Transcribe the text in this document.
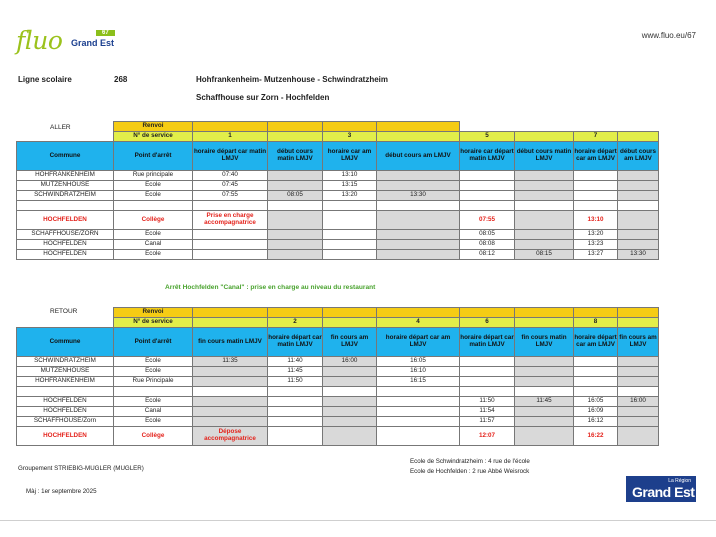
fluo Grand Est
67	www.fluo.eu/67
Ligne scolaire	268	Hohfrankenheim- Mutzenhouse - Schwindratzheim
Schaffhouse sur Zorn - Hochfelden
ALLER
		Renvoi								
	N° de service	1		3		5		7	
Commune	Point d'arrêt	horaire départ car matin LMJV	début cours matin LMJV	horaire car am LMJV	début cours am LMJV	horaire car départ matin LMJV	début cours matin LMJV	horaire départ car am LMJV	début cours am LMJV
HOHFRANKENHEIM	Rue principale	07:40		13:10					
MUTZENHOUSE	Ecole	07:45		13:15					
SCHWINDRATZHEIM	Ecole	07:55	08:05	13:20	13:30				

HOCHFELDEN	Collège	Prise en charge accompagnatrice				07:55		13:10	
SCHAFFHOUSE/ZORN	Ecole					08:05		13:20	
HOCHFELDEN	Canal					08:08		13:23	
HOCHFELDEN	Ecole					08:12	08:15	13:27	13:30
Arrêt Hochfelden "Canal" : prise en charge au niveau du restaurant
RETOUR
		Renvoi								
	N° de service		2		4	6		8	
Commune	Point d'arrêt	fin cours matin LMJV	horaire départ car matin LMJV	fin cours am LMJV	horaire départ car am LMJV	horaire départ car matin LMJV	fin cours matin LMJV	horaire départ car am LMJV	fin cours am LMJV
SCHWINDRATZHEIM	Ecole	11:35	11:40	16:00	16:05				
MUTZENHOUSE	Ecole		11:45		16:10				
HOHFRANKENHEIM	Rue Principale		11:50		16:15				

HOCHFELDEN	Ecole					11:50	11:45	16:05	16:00
HOCHFELDEN	Canal					11:54		16:09	
SCHAFFHOUSE/Zorn	Ecole					11:57		16:12	
HOCHFELDEN	Collège	Dépose accompagnatrice				12:07		16:22	
Groupement STRIEBIG-MUGLER (MUGLER)
Ecole de Schwindratzheim : 4 rue de l'école
Ecole de Hochfelden : 2 rue Abbé Weisrock
Màj : 1er septembre 2025
La Région
Grand Est
